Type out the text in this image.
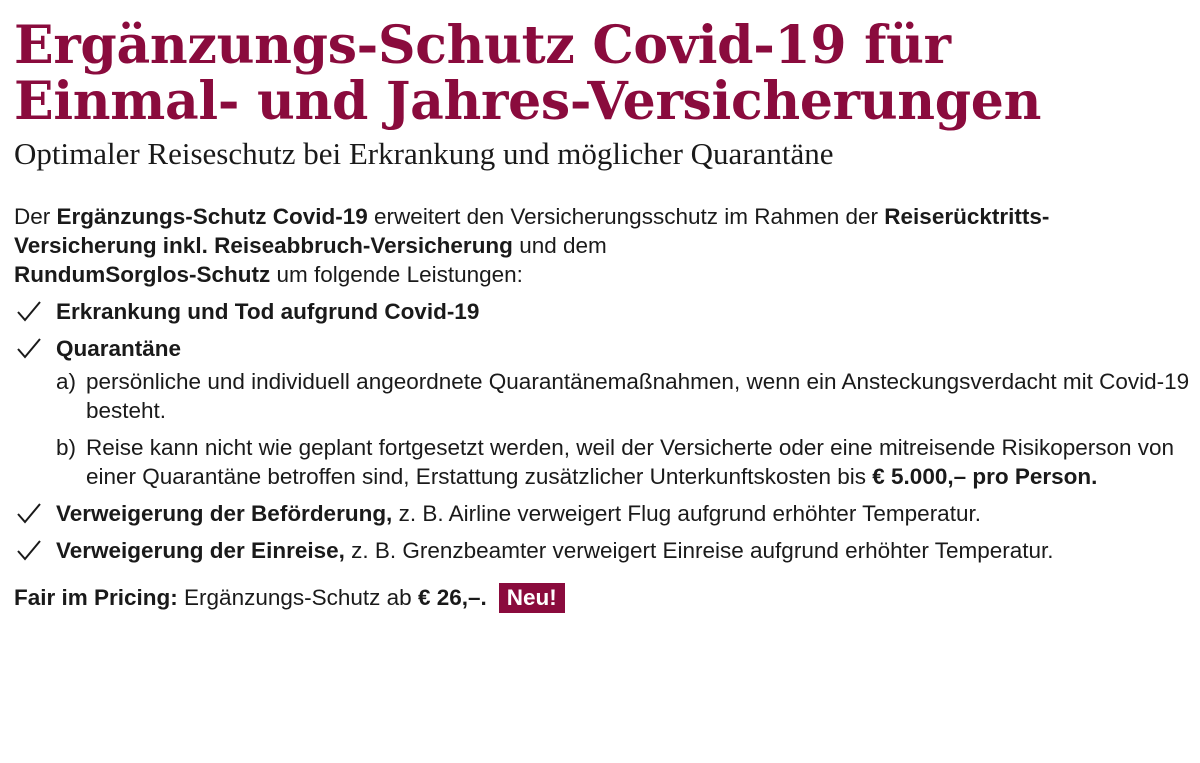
Ergänzungs-Schutz Covid-19 für
Einmal- und Jahres-Versicherungen

Optimaler Reiseschutz bei Erkrankung und möglicher Quarantäne

Der Ergänzungs-Schutz Covid-19 erweitert den Versicherungsschutz im Rahmen der Reiserücktritts-Versicherung inkl. Reiseabbruch-Versicherung und dem
RundumSorglos-Schutz um folgende Leistungen:

Erkrankung und Tod aufgrund Covid-19
Quarantäne
a) persönliche und individuell angeordnete Quarantänemaßnahmen, wenn ein Ansteckungsverdacht mit Covid-19 besteht.
b) Reise kann nicht wie geplant fortgesetzt werden, weil der Versicherte oder eine mitreisende Risikoperson von einer Quarantäne betroffen sind, Erstattung zusätzlicher Unterkunftskosten bis € 5.000,– pro Person.
Verweigerung der Beförderung, z. B. Airline verweigert Flug aufgrund erhöhter Temperatur.
Verweigerung der Einreise, z. B. Grenzbeamter verweigert Einreise aufgrund erhöhter Temperatur.

Fair im Pricing: Ergänzungs-Schutz ab € 26,–. Neu!
